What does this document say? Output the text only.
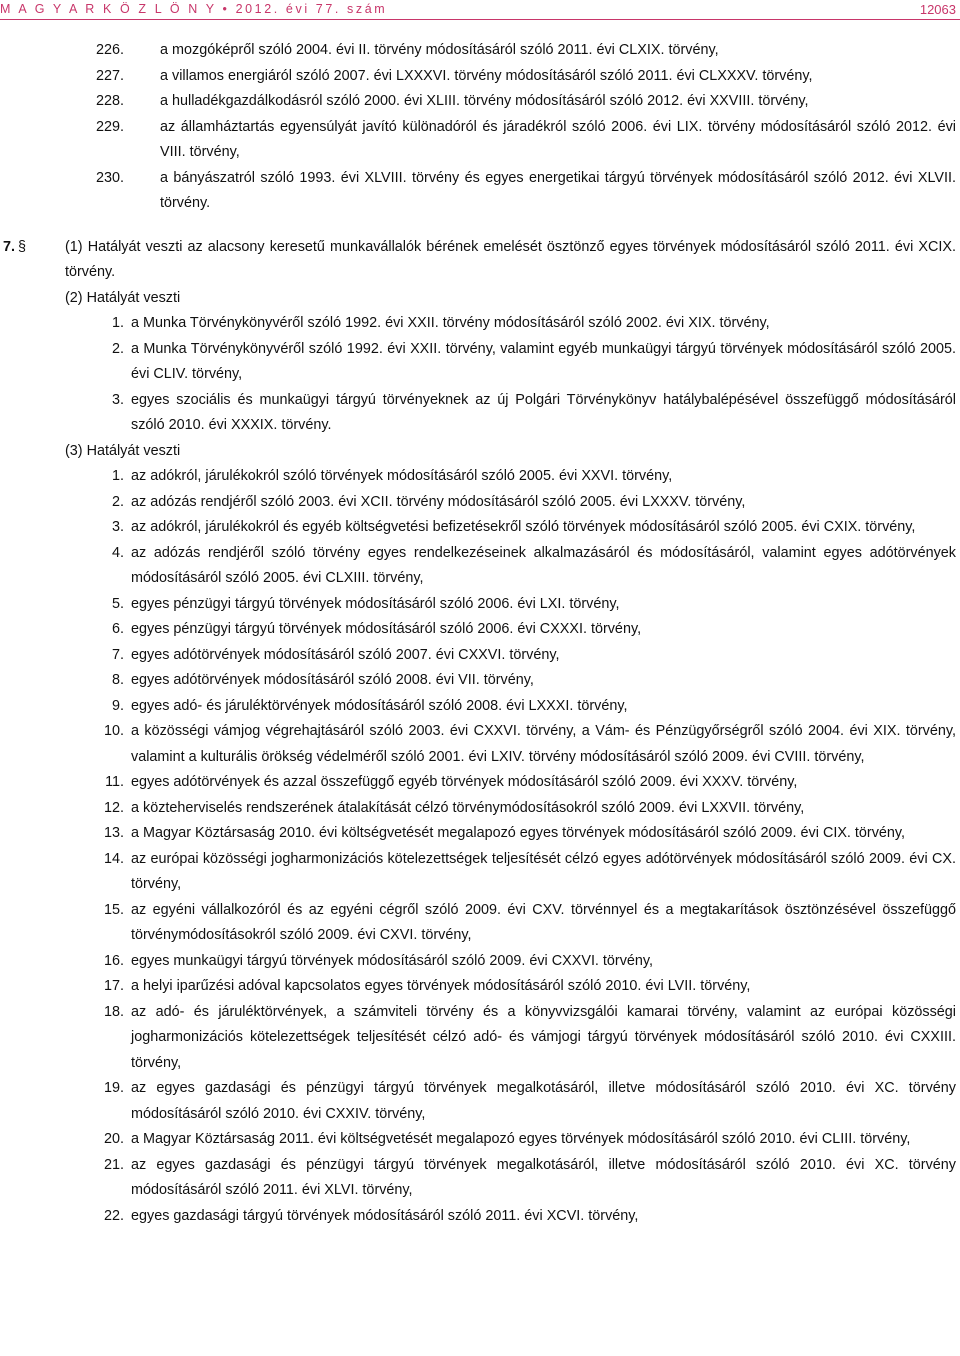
M A G Y A R K Ö Z L Ö N Y • 2012. évi 77. szám	12063
226. a mozgóképről szóló 2004. évi II. törvény módosításáról szóló 2011. évi CLXIX. törvény,
227. a villamos energiáról szóló 2007. évi LXXXVI. törvény módosításáról szóló 2011. évi CLXXXV. törvény,
228. a hulladékgazdálkodásról szóló 2000. évi XLIII. törvény módosításáról szóló 2012. évi XXVIII. törvény,
229. az államháztartás egyensúlyát javító különadóról és járadékról szóló 2006. évi LIX. törvény módosításáról szóló 2012. évi VIII. törvény,
230. a bányászatról szóló 1993. évi XLVIII. törvény és egyes energetikai tárgyú törvények módosításáról szóló 2012. évi XLVII. törvény.
7. §	(1) Hatályát veszti az alacsony keresetű munkavállalók bérének emelését ösztönző egyes törvények módosításáról szóló 2011. évi XCIX. törvény.
(2) Hatályát veszti
1. a Munka Törvénykönyvéről szóló 1992. évi XXII. törvény módosításáról szóló 2002. évi XIX. törvény,
2. a Munka Törvénykönyvéről szóló 1992. évi XXII. törvény, valamint egyéb munkaügyi tárgyú törvények módosításáról szóló 2005. évi CLIV. törvény,
3. egyes szociális és munkaügyi tárgyú törvényeknek az új Polgári Törvénykönyv hatálybalépésével összefüggő módosításáról szóló 2010. évi XXXIX. törvény.
(3) Hatályát veszti
1. az adókról, járulékokról szóló törvények módosításáról szóló 2005. évi XXVI. törvény,
2. az adózás rendjéről szóló 2003. évi XCII. törvény módosításáról szóló 2005. évi LXXXV. törvény,
3. az adókról, járulékokról és egyéb költségvetési befizetésekről szóló törvények módosításáról szóló 2005. évi CXIX. törvény,
4. az adózás rendjéről szóló törvény egyes rendelkezéseinek alkalmazásáról és módosításáról, valamint egyes adótörvények módosításáról szóló 2005. évi CLXIII. törvény,
5. egyes pénzügyi tárgyú törvények módosításáról szóló 2006. évi LXI. törvény,
6. egyes pénzügyi tárgyú törvények módosításáról szóló 2006. évi CXXXI. törvény,
7. egyes adótörvények módosításáról szóló 2007. évi CXXVI. törvény,
8. egyes adótörvények módosításáról szóló 2008. évi VII. törvény,
9. egyes adó- és járuléktörvények módosításáról szóló 2008. évi LXXXI. törvény,
10. a közösségi vámjog végrehajtásáról szóló 2003. évi CXXVI. törvény, a Vám- és Pénzügyőrségről szóló 2004. évi XIX. törvény, valamint a kulturális örökség védelméről szóló 2001. évi LXIV. törvény módosításáról szóló 2009. évi CVIII. törvény,
11. egyes adótörvények és azzal összefüggő egyéb törvények módosításáról szóló 2009. évi XXXV. törvény,
12. a közteherviselés rendszerének átalakítását célzó törvénymódosításokról szóló 2009. évi LXXVII. törvény,
13. a Magyar Köztársaság 2010. évi költségvetését megalapozó egyes törvények módosításáról szóló 2009. évi CIX. törvény,
14. az európai közösségi jogharmonizációs kötelezettségek teljesítését célzó egyes adótörvények módosításáról szóló 2009. évi CX. törvény,
15. az egyéni vállalkozóról és az egyéni cégről szóló 2009. évi CXV. törvénnyel és a megtakarítások ösztönzésével összefüggő törvénymódosításokról szóló 2009. évi CXVI. törvény,
16. egyes munkaügyi tárgyú törvények módosításáról szóló 2009. évi CXXVI. törvény,
17. a helyi iparűzési adóval kapcsolatos egyes törvények módosításáról szóló 2010. évi LVII. törvény,
18. az adó- és járuléktörvények, a számviteli törvény és a könyvvizsgálói kamarai törvény, valamint az európai közösségi jogharmonizációs kötelezettségek teljesítését célzó adó- és vámjogi tárgyú törvények módosításáról szóló 2010. évi CXXIII. törvény,
19. az egyes gazdasági és pénzügyi tárgyú törvények megalkotásáról, illetve módosításáról szóló 2010. évi XC. törvény módosításáról szóló 2010. évi CXXIV. törvény,
20. a Magyar Köztársaság 2011. évi költségvetését megalapozó egyes törvények módosításáról szóló 2010. évi CLIII. törvény,
21. az egyes gazdasági és pénzügyi tárgyú törvények megalkotásáról, illetve módosításáról szóló 2010. évi XC. törvény módosításáról szóló 2011. évi XLVI. törvény,
22. egyes gazdasági tárgyú törvények módosításáról szóló 2011. évi XCVI. törvény,
